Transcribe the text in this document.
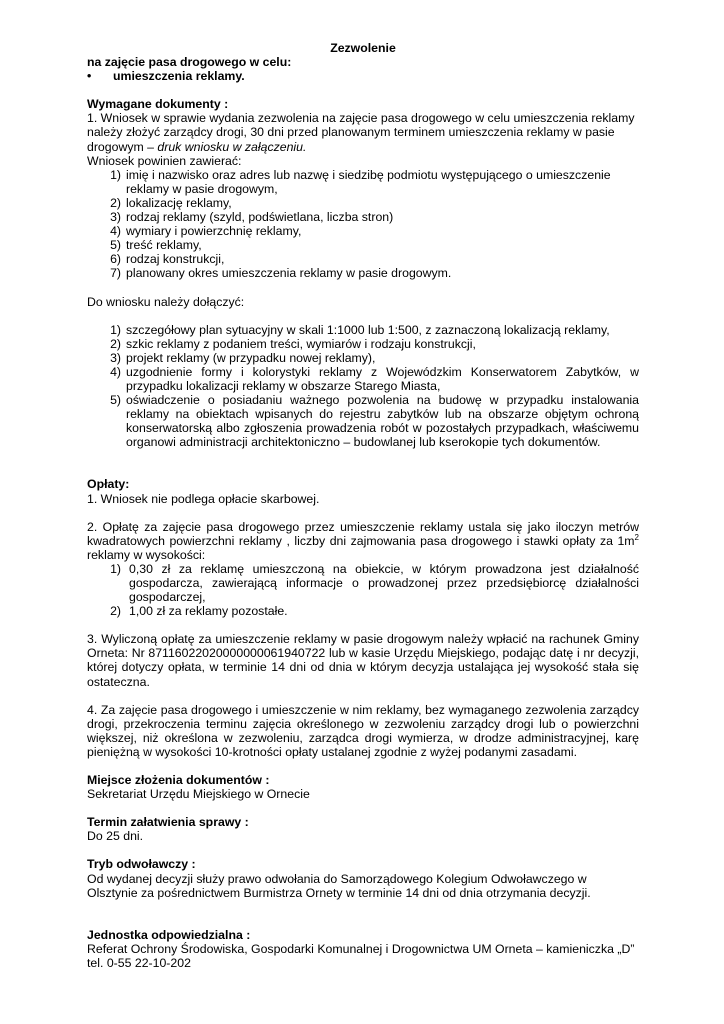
Zezwolenie

na zajęcie pasa drogowego w celu:

•	umieszczenia reklamy.

Wymagane dokumenty :

1. Wniosek w sprawie wydania zezwolenia na zajęcie pasa drogowego w celu umieszczenia reklamy należy złożyć zarządcy drogi, 30 dni przed planowanym terminem umieszczenia reklamy w pasie drogowym – druk wniosku w załączeniu.

Wniosek powinien zawierać:

1) imię i nazwisko oraz adres lub nazwę i siedzibę podmiotu występującego o umieszczenie reklamy w pasie drogowym,
2) lokalizację reklamy,
3) rodzaj reklamy (szyld, podświetlana, liczba stron)
4) wymiary i powierzchnię reklamy,
5) treść reklamy,
6) rodzaj konstrukcji,
7) planowany okres umieszczenia reklamy w pasie drogowym.

Do wniosku należy dołączyć:

1) szczegółowy plan sytuacyjny w skali 1:1000 lub 1:500, z zaznaczoną lokalizacją reklamy,
2) szkic reklamy z podaniem treści, wymiarów i rodzaju konstrukcji,
3) projekt reklamy (w przypadku nowej reklamy),
4) uzgodnienie formy i kolorystyki reklamy z Wojewódzkim Konserwatorem Zabytków, w przypadku lokalizacji reklamy w obszarze Starego Miasta,
5) oświadczenie o posiadaniu ważnego pozwolenia na budowę w przypadku instalowania reklamy na obiektach wpisanych do rejestru zabytków lub na obszarze objętym ochroną konserwatorską albo zgłoszenia prowadzenia robót w pozostałych przypadkach, właściwemu organowi administracji architektoniczno – budowlanej lub kserokopie tych dokumentów.

Opłaty:

1. Wniosek nie podlega opłacie skarbowej.

2. Opłatę za zajęcie pasa drogowego przez umieszczenie reklamy ustala się jako iloczyn metrów kwadratowych powierzchni reklamy , liczby dni zajmowania pasa drogowego i stawki opłaty za $1m^2$ reklamy w wysokości:

1) 0,30 zł za reklamę umieszczoną na obiekcie, w którym prowadzona jest działalność gospodarcza, zawierającą informacje o prowadzonej przez przedsiębiorcę działalności gospodarczej,
2) 1,00 zł za reklamy pozostałe.

3. Wyliczoną opłatę za umieszczenie reklamy w pasie drogowym należy wpłacić na rachunek Gminy Orneta: Nr 87116022020000000061940722 lub w kasie Urzędu Miejskiego, podając datę i nr decyzji, której dotyczy opłata, w terminie 14 dni od dnia w którym decyzja ustalająca jej wysokość stała się ostateczna.

4. Za zajęcie pasa drogowego i umieszczenie w nim reklamy, bez wymaganego zezwolenia zarządcy drogi, przekroczenia terminu zajęcia określonego w zezwoleniu zarządcy drogi lub o powierzchni większej, niż określona w zezwoleniu, zarządca drogi wymierza, w drodze administracyjnej, karę pieniężną w wysokości 10-krotności opłaty ustalanej zgodnie z wyżej podanymi zasadami.

Miejsce złożenia dokumentów :

Sekretariat Urzędu Miejskiego w Ornecie

Termin załatwienia sprawy :

Do 25 dni.

Tryb odwoławczy :

Od wydanej decyzji służy prawo odwołania do Samorządowego Kolegium Odwoławczego w Olsztynie za pośrednictwem Burmistrza Ornety w terminie 14 dni od dnia otrzymania decyzji.

Jednostka odpowiedzialna :

Referat Ochrony Środowiska, Gospodarki Komunalnej i Drogownictwa UM Orneta – kamieniczka „D”

tel. 0-55 22-10-202
